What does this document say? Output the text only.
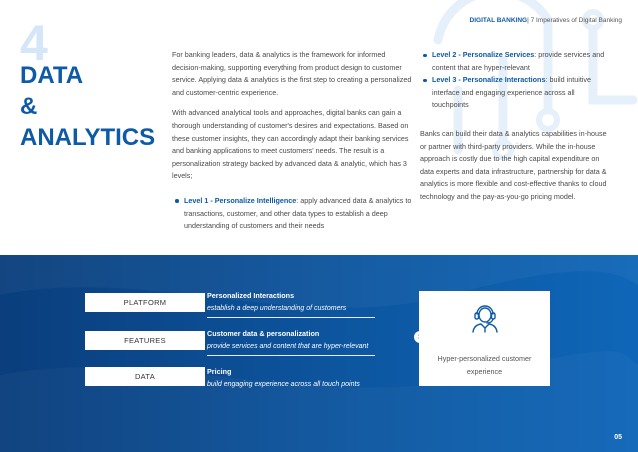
DIGITAL BANKING| 7 Imperatives of Digital Banking
4
DATA
&
ANALYTICS

For banking leaders, data & analytics is the framework for informed decision-making, supporting everything from product design to customer service. Applying data & analytics is the first step to creating a personalized and customer-centric experience.

With advanced analytical tools and approaches, digital banks can gain a thorough understanding of customer's desires and expectations. Based on these customer insights, they can accordingly adapt their banking services and banking applications to meet customers' needs. The result is a personalization strategy backed by advanced data & analytic, which has 3 levels;

Level 1 - Personalize Intelligence: apply advanced data & analytics to transactions, customer, and other data types to establish a deep understanding of customers and their needs
Level 2 - Personalize Services: provide services and content that are hyper-relevant
Level 3 - Personalize Interactions: build intuitive interface and engaging experience across all touchpoints

Banks can build their data & analytics capabilities in-house or partner with third-party providers. While the in-house approach is costly due to the high capital expenditure on data experts and data infrastructure, partnership for data & analytics is more flexible and cost-effective thanks to cloud technology and the pay-as-you-go pricing model.

PLATFORM
FEATURES
DATA
Personalized Interactions
establish a deep understanding of customers
Customer data & personalization
provide services and content that are hyper-relevant
Pricing
build engaging experience across all touch points
Hyper-personalized customer experience
05
